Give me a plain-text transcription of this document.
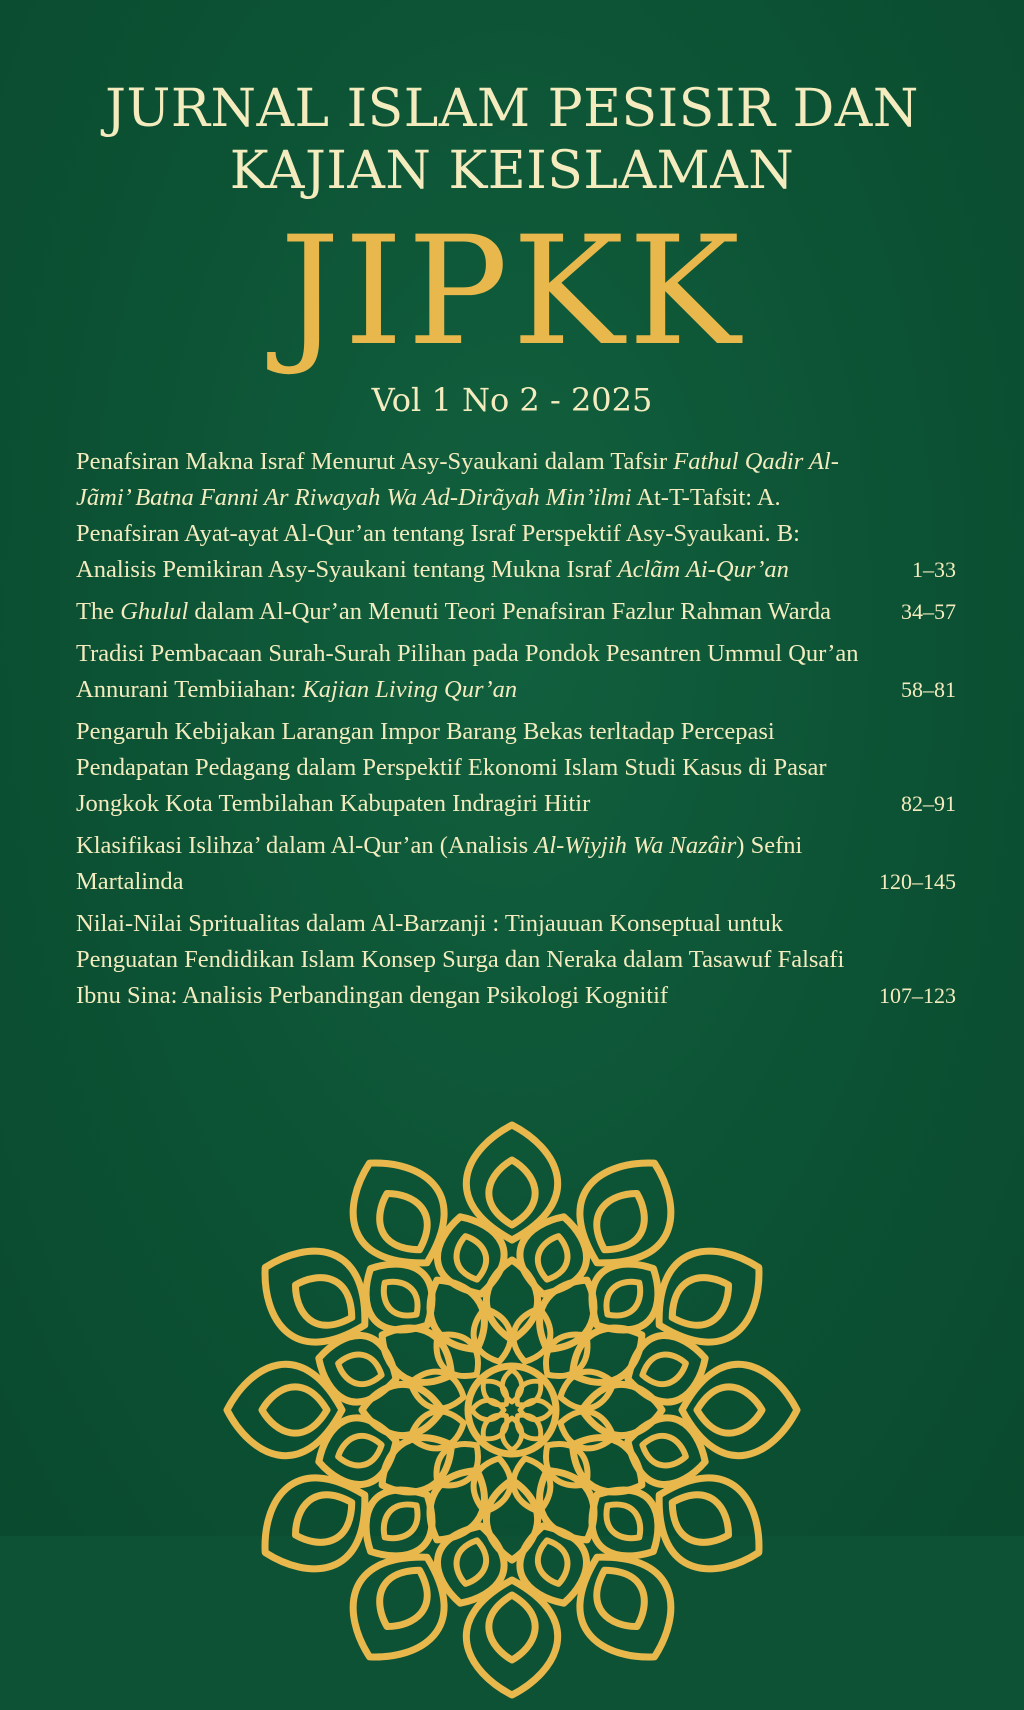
JURNAL ISLAM PESISIR DAN
KAJIAN KEISLAMAN
JIPKK
Vol 1 No 2 - 2025
Penafsiran Makna Israf Menurut Asy-Syaukani dalam Tafsir Fathul Qadir Al-Jãmi’ Batna Fanni Ar Riwayah Wa Ad-Dirãyah Min’ilmi At-T-Tafsit: A. Penafsiran Ayat-ayat Al-Qur’an tentang Israf Perspektif Asy-Syaukani. B: Analisis Pemikiran Asy-Syaukani tentang Mukna Israf Aclãm Ai-Qur’an	1–33
The Ghulul dalam Al-Qur’an Menuti Teori Penafsiran Fazlur Rahman Warda	34–57
Tradisi Pembacaan Surah-Surah Pilihan pada Pondok Pesantren Ummul Qur’an Annurani Tembiiahan: Kajian Living Qur’an	58–81
Pengaruh Kebijakan Larangan Impor Barang Bekas terltadap Percepasi Pendapatan Pedagang dalam Perspektif Ekonomi Islam Studi Kasus di Pasar Jongkok Kota Tembilahan Kabupaten Indragiri Hitir	82–91
Klasifikasi Islihza’ dalam Al-Qur’an (Analisis Al-Wiyjih Wa Nazâir) Sefni Martalinda	120–145
Nilai-Nilai Spritualitas dalam Al-Barzanji : Tinjauuan Konseptual untuk Penguatan Fendidikan Islam Konsep Surga dan Neraka dalam Tasawuf Falsafi Ibnu Sina: Analisis Perbandingan dengan Psikologi Kognitif	107–123
